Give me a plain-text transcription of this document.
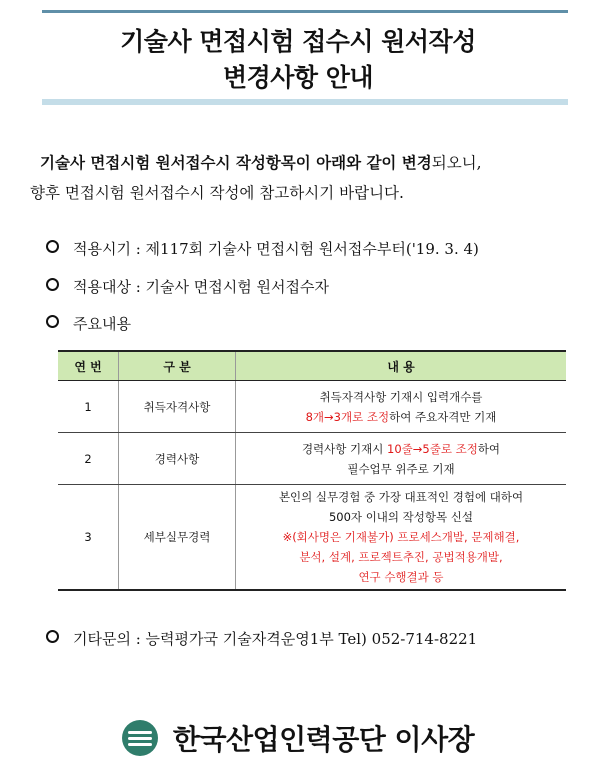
기술사 면접시험 접수시 원서작성
변경사항 안내
기술사 면접시험 원서접수시 작성항목이 아래와 같이 변경되오니,
향후 면접시험 원서접수시 작성에 참고하시기 바랍니다.
적용시기 : 제117회 기술사 면접시험 원서접수부터('19. 3. 4)
적용대상 : 기술사 면접시험 원서접수자
주요내용
연 번	구 분	내 용
1	취득자격사항	취득자격사항 기재시 입력개수를
8개→3개로 조정하여 주요자격만 기재

2	경력사항	경력사항 기재시 10줄→5줄로 조정하여
필수업무 위주로 기재

3	세부실무경력	본인의 실무경험 중 가장 대표적인 경험에 대하여
500자 이내의 작성항목 신설
※(회사명은 기재불가) 프로세스개발, 문제해결,
분석, 설계, 프로젝트추진, 공법적용개발,
연구 수행결과 등
기타문의 : 능력평가국 기술자격운영1부 Tel) 052-714-8221
한국산업인력공단 이사장
